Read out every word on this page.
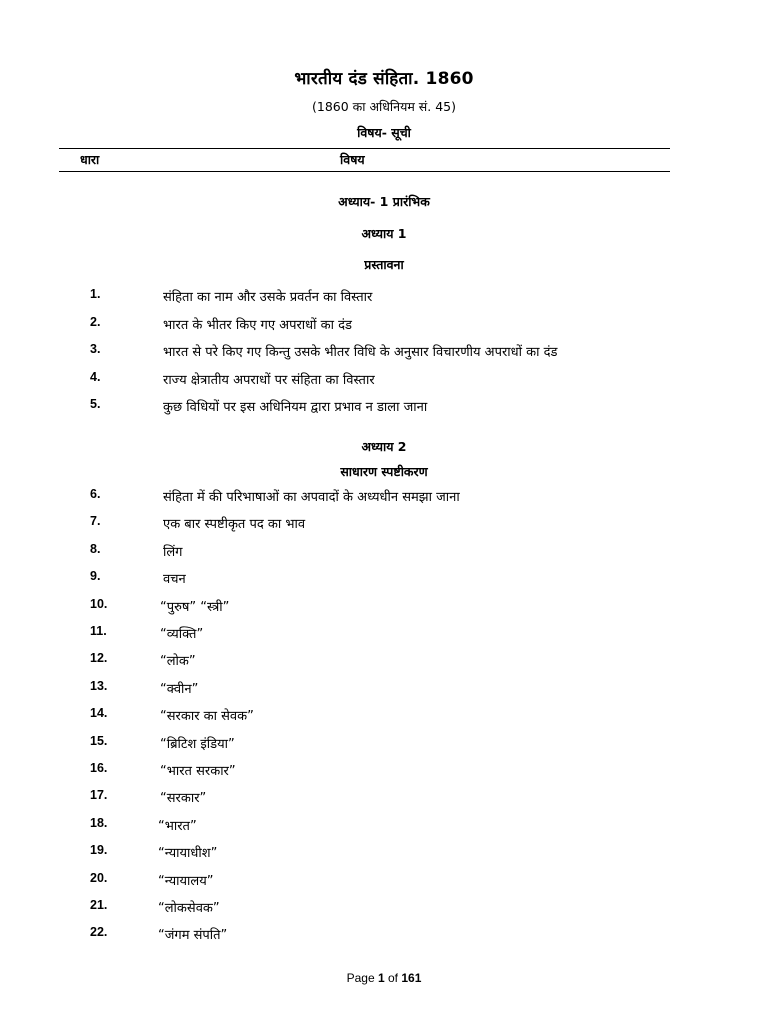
भारतीय दंड संहिता. 1860
(1860 का अधिनियम सं. 45)
विषय- सूची
धारा	विषय
अध्याय- 1 प्रारंभिक
अध्याय 1
प्रस्तावना
1.	संहिता का नाम और उसके प्रवर्तन का विस्तार
2.	भारत के भीतर किए गए अपराधों का दंड
3.	भारत से परे किए गए किन्तु उसके भीतर विधि के अनुसार विचारणीय अपराधों का दंड
4.	राज्य क्षेत्रातीय अपराधों पर संहिता का विस्तार
5.	कुछ विधियों पर इस अधिनियम द्वारा प्रभाव न डाला जाना
अध्याय 2
साधारण स्पष्टीकरण
6.	संहिता में की परिभाषाओं का अपवादों के अध्यधीन समझा जाना
7.	एक बार स्पष्टीकृत पद का भाव
8.	लिंग
9.	वचन
10.	“पुरुष” “स्त्री”
11.	“व्यक्ति”
12.	“लोक”
13.	“क्वीन”
14.	“सरकार का सेवक”
15.	“ब्रिटिश इंडिया”
16.	“भारत सरकार”
17.	“सरकार”
18.	“भारत”
19.	“न्यायाधीश”
20.	“न्यायालय”
21.	“लोकसेवक”
22.	“जंगम संपति”
Page 1 of 161
